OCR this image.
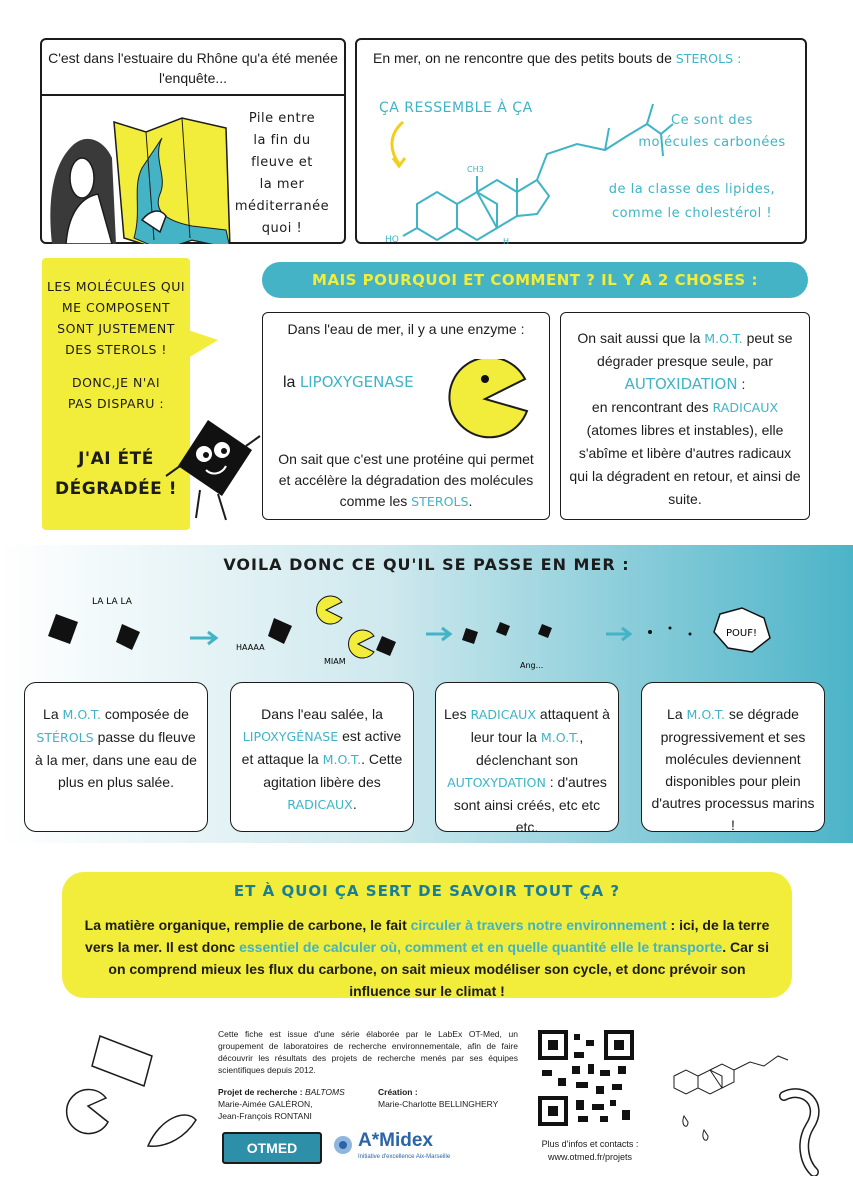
C'est dans l'estuaire du Rhône qu'a été menée l'enquête...
Pile entre
la fin du
fleuve et
la mer
méditerranée
quoi !
En mer, on ne rencontre que des petits bouts de STEROLS :
ÇA RESSEMBLE À ÇA
HO
CH3
H
Ce sont des molécules carbonées
de la classe des lipides, comme le cholestérol !
LES MOLÉCULES QUI
ME COMPOSENT
SONT JUSTEMENT
DES STEROLS !
DONC,JE N'AI
PAS DISPARU :
J'AI ÉTÉ
DÉGRADÉE !
MAIS POURQUOI ET COMMENT ? IL Y A 2 CHOSES :
Dans l'eau de mer, il y a une enzyme :
la LIPOXYGENASE
On sait que c'est une protéine qui permet et accélère la dégradation des molécules comme les STEROLS.
On sait aussi que la M.O.T. peut se dégrader presque seule, par
AUTOXIDATION :
en rencontrant des RADICAUX (atomes libres et instables), elle s'abîme et libère d'autres radicaux qui la dégradent en retour, et ainsi de suite.
VOILA DONC CE QU'IL SE PASSE EN MER :
LA LA LA
HAAAA
MIAM	Ang...
POUF!
La M.O.T. composée de STÉROLS passe du fleuve à la mer, dans une eau de plus en plus salée.
Dans l'eau salée, la LIPOXYGÉNASE est active et attaque la M.O.T.. Cette agitation libère des RADICAUX.
Les RADICAUX attaquent à leur tour la M.O.T., déclenchant son AUTOXYDATION : d'autres sont ainsi créés, etc etc etc.
La M.O.T. se dégrade progressivement et ses molécules deviennent disponibles pour plein d'autres processus marins !
ET À QUOI ÇA SERT DE SAVOIR TOUT ÇA ?
La matière organique, remplie de carbone, le fait circuler à travers notre environnement : ici, de la terre vers la mer. Il est donc essentiel de calculer où, comment et en quelle quantité elle le transporte. Car si on comprend mieux les flux du carbone, on sait mieux modéliser son cycle, et donc prévoir son influence sur le climat !
Cette fiche est issue d'une série élaborée par le LabEx OT-Med, un groupement de laboratoires de recherche environnementale, afin de faire découvrir les résultats des projets de recherche menés par ses équipes scientifiques depuis 2012.
Projet de recherche : BALTOMS
Marie-Aimée GALÉRON,
Jean-François RONTANI
Création :
Marie-Charlotte BELLINGHERY
OTMED	A*Midex
Initiative d'excellence Aix-Marseille
Plus d'infos et contacts :
www.otmed.fr/projets
